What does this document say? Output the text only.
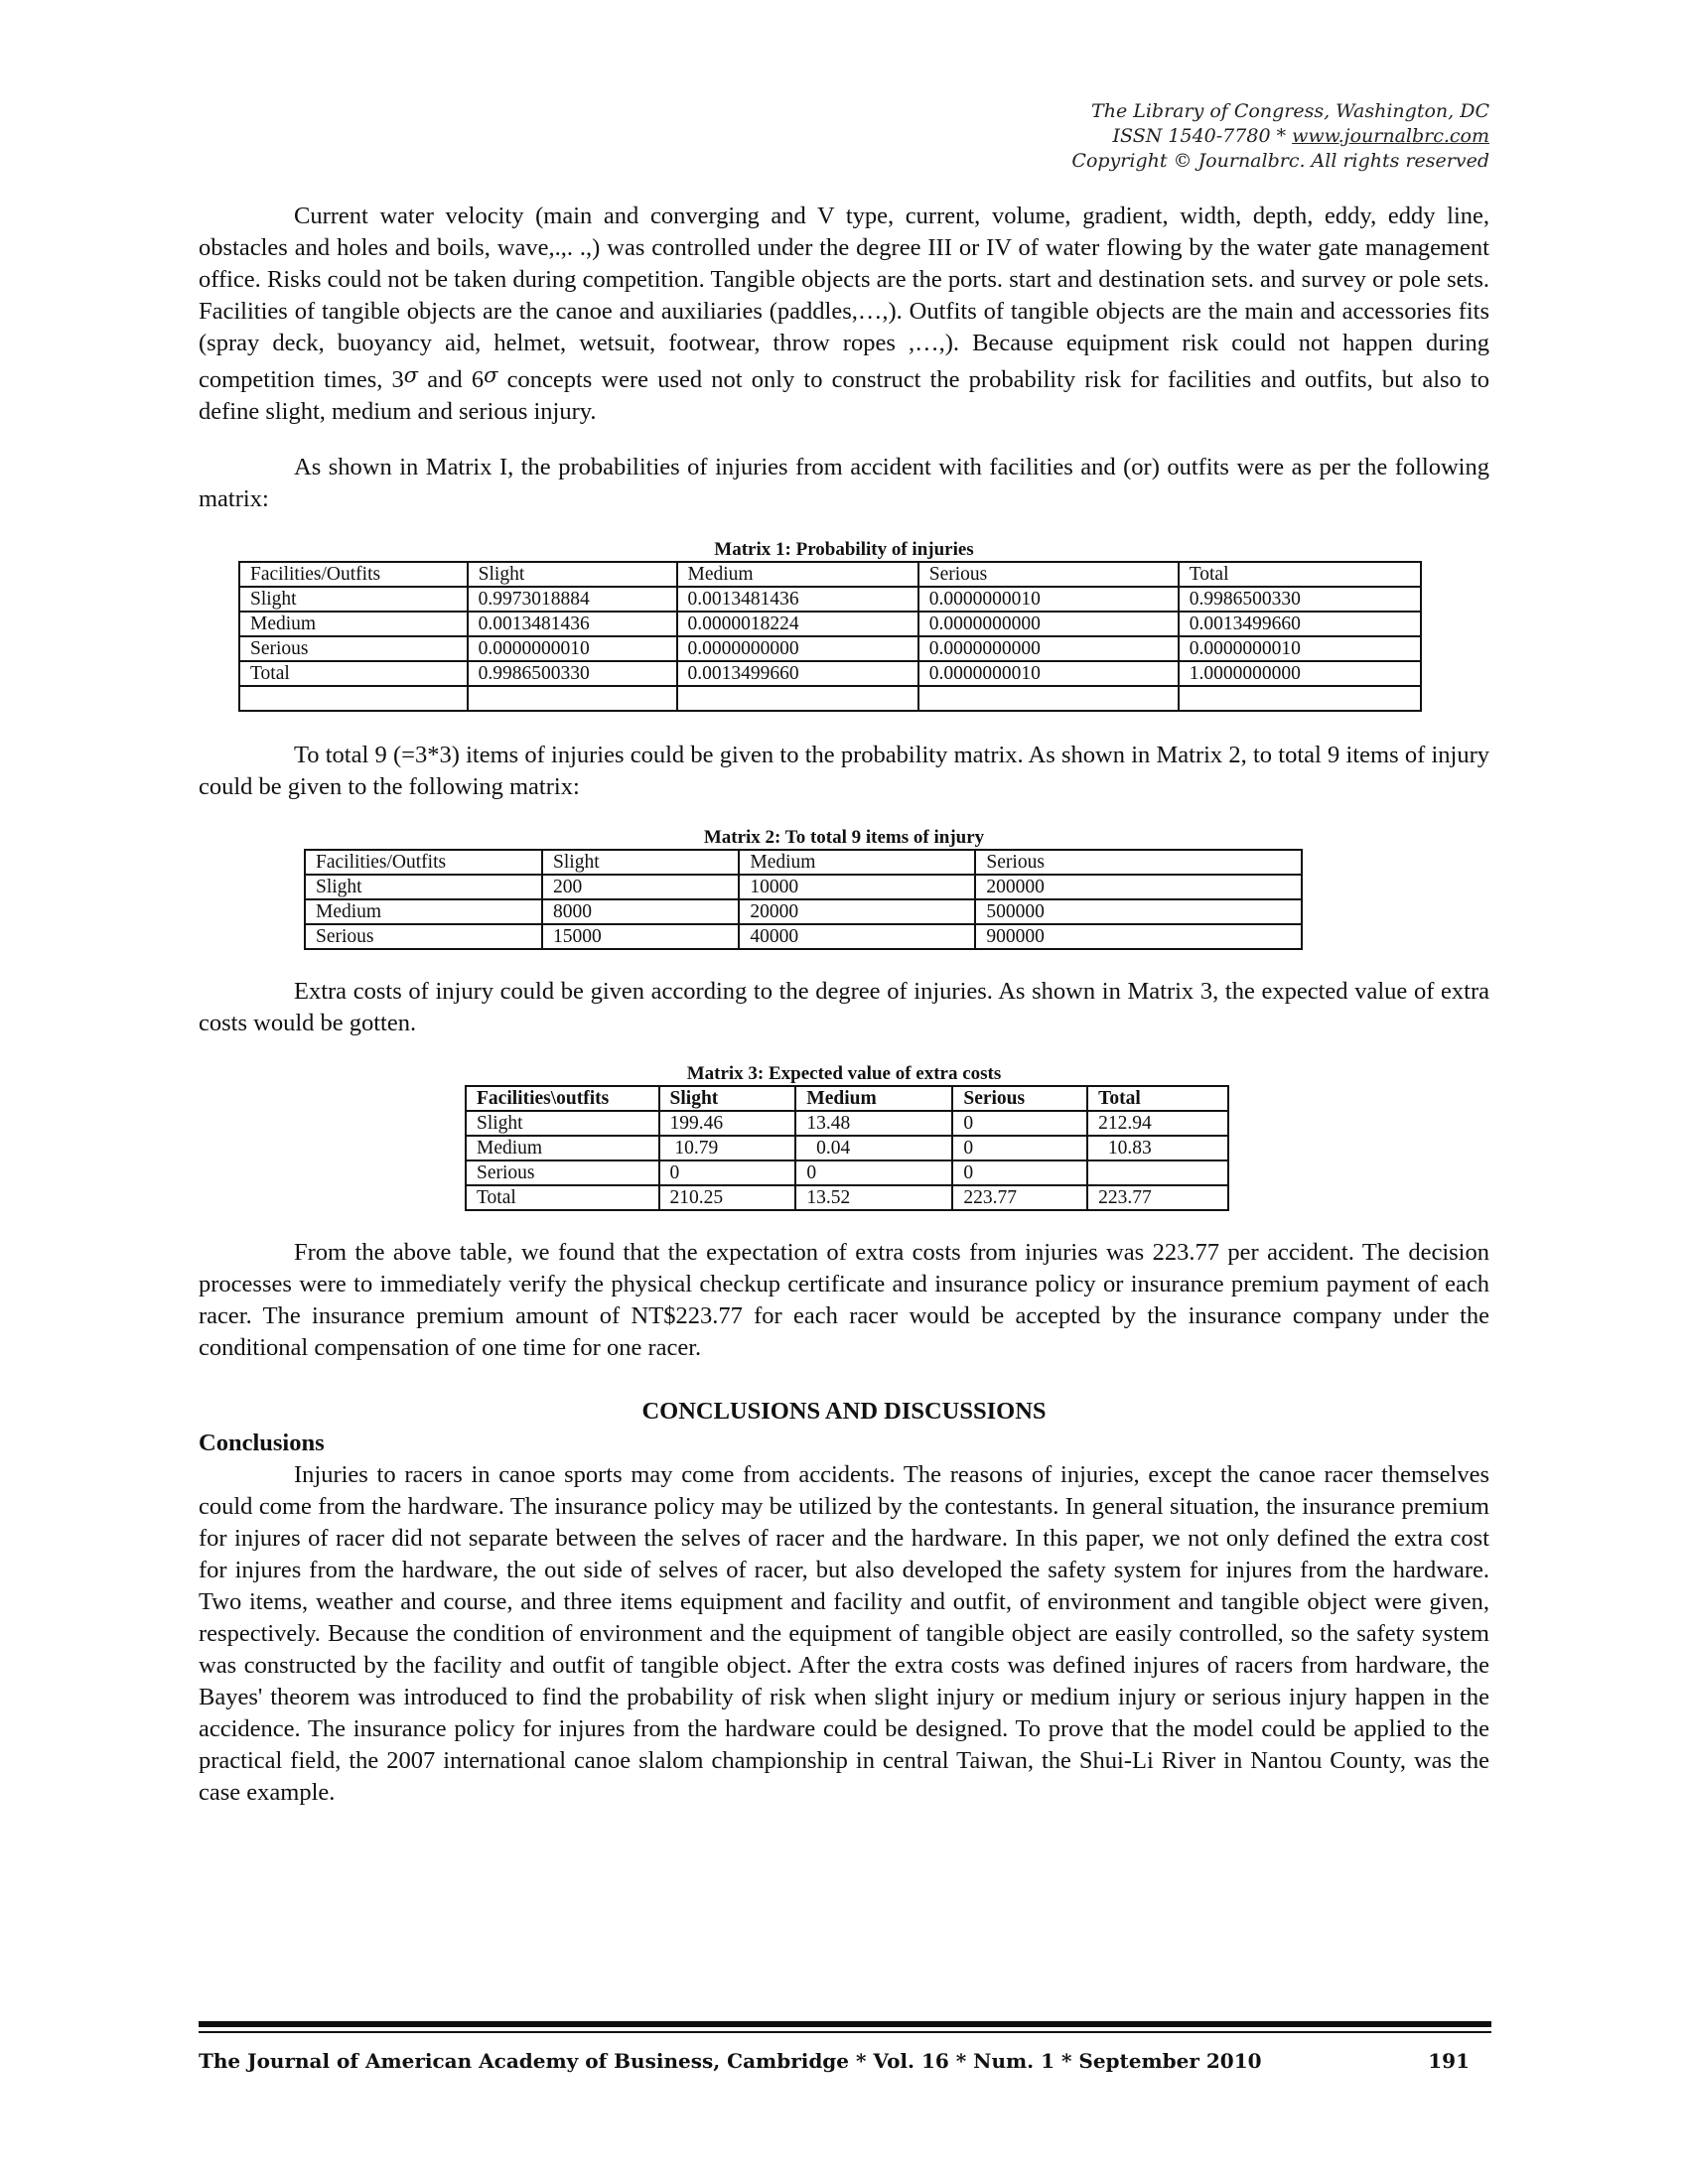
The Library of Congress, Washington, DC
ISSN 1540-7780 * www.journalbrc.com
Copyright © Journalbrc. All rights reserved

Current water velocity (main and converging and V type, current, volume, gradient, width, depth, eddy, eddy line, obstacles and holes and boils, wave,.,. .,) was controlled under the degree III or IV of water flowing by the water gate management office. Risks could not be taken during competition. Tangible objects are the ports. start and destination sets. and survey or pole sets. Facilities of tangible objects are the canoe and auxiliaries (paddles,…,). Outfits of tangible objects are the main and accessories fits (spray deck, buoyancy aid, helmet, wetsuit, footwear, throw ropes ,…,). Because equipment risk could not happen during competition times, 3σ and 6σ concepts were used not only to construct the probability risk for facilities and outfits, but also to define slight, medium and serious injury.

As shown in Matrix I, the probabilities of injuries from accident with facilities and (or) outfits were as per the following matrix:

Matrix 1: Probability of injuries
Facilities/Outfits	Slight	Medium	Serious	Total
Slight	0.9973018884	0.0013481436	0.0000000010	0.9986500330
Medium	0.0013481436	0.0000018224	0.0000000000	0.0013499660
Serious	0.0000000010	0.0000000000	0.0000000000	0.0000000010
Total	0.9986500330	0.0013499660	0.0000000010	1.0000000000

To total 9 (=3*3) items of injuries could be given to the probability matrix. As shown in Matrix 2, to total 9 items of injury could be given to the following matrix:

Matrix 2: To total 9 items of injury
Facilities/Outfits	Slight	Medium	Serious
Slight	200	10000	200000
Medium	8000	20000	500000
Serious	15000	40000	900000

Extra costs of injury could be given according to the degree of injuries. As shown in Matrix 3, the expected value of extra costs would be gotten.

Matrix 3: Expected value of extra costs
Facilities\outfits	Slight	Medium	Serious	Total
Slight	199.46	13.48	0	212.94
Medium	10.79	0.04	0	10.83
Serious	0	0	0	
Total	210.25	13.52	223.77	223.77

From the above table, we found that the expectation of extra costs from injuries was 223.77 per accident. The decision processes were to immediately verify the physical checkup certificate and insurance policy or insurance premium payment of each racer. The insurance premium amount of NT$223.77 for each racer would be accepted by the insurance company under the conditional compensation of one time for one racer.

CONCLUSIONS AND DISCUSSIONS
Conclusions

Injuries to racers in canoe sports may come from accidents. The reasons of injuries, except the canoe racer themselves could come from the hardware. The insurance policy may be utilized by the contestants. In general situation, the insurance premium for injures of racer did not separate between the selves of racer and the hardware. In this paper, we not only defined the extra cost for injures from the hardware, the out side of selves of racer, but also developed the safety system for injures from the hardware. Two items, weather and course, and three items equipment and facility and outfit, of environment and tangible object were given, respectively. Because the condition of environment and the equipment of tangible object are easily controlled, so the safety system was constructed by the facility and outfit of tangible object. After the extra costs was defined injures of racers from hardware, the Bayes' theorem was introduced to find the probability of risk when slight injury or medium injury or serious injury happen in the accidence. The insurance policy for injures from the hardware could be designed. To prove that the model could be applied to the practical field, the 2007 international canoe slalom championship in central Taiwan, the Shui-Li River in Nantou County, was the case example.

The Journal of American Academy of Business, Cambridge * Vol. 16 * Num. 1 * September 2010	191
